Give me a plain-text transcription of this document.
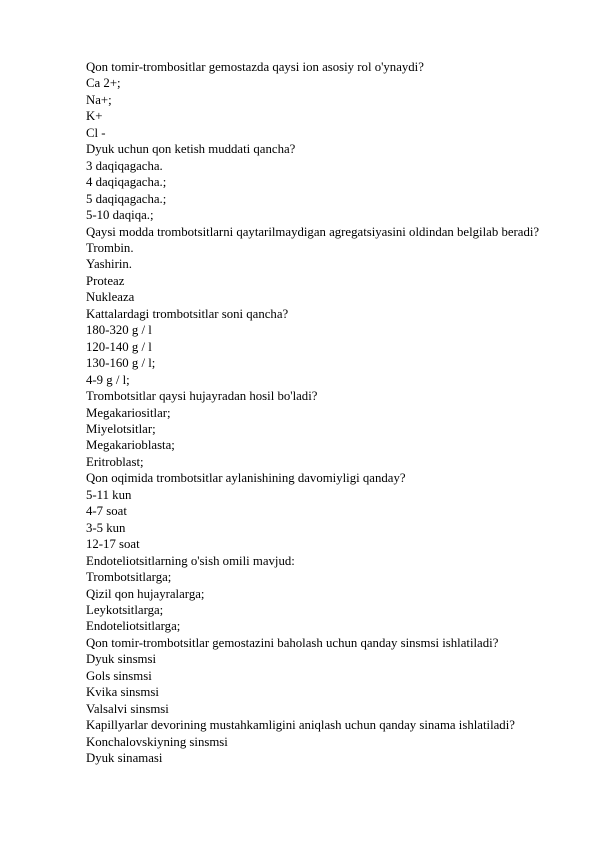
Qon tomir-trombositlar gemostazda qaysi ion asosiy rol o'ynaydi?
Ca 2+;
Na+;
K+
Cl -
Dyuk uchun qon ketish muddati qancha?
3 daqiqagacha.
4 daqiqagacha.;
5 daqiqagacha.;
5-10 daqiqa.;
Qaysi modda trombotsitlarni qaytarilmaydigan agregatsiyasini oldindan belgilab beradi?
Trombin.
Yashirin.
Proteaz
Nukleaza
Kattalardagi trombotsitlar soni qancha?
180-320 g / l
120-140 g / l
130-160 g / l;
4-9 g / l;
Trombotsitlar qaysi hujayradan hosil bo'ladi?
Megakariositlar;
Miyelotsitlar;
Megakarioblasta;
Eritroblast;
Qon oqimida trombotsitlar aylanishining davomiyligi qanday?
5-11 kun
4-7 soat
3-5 kun
12-17 soat
Endoteliotsitlarning o'sish omili mavjud:
Trombotsitlarga;
Qizil qon hujayralarga;
Leykotsitlarga;
Endoteliotsitlarga;
Qon tomir-trombotsitlar gemostazini baholash uchun qanday sinsmsi ishlatiladi?
Dyuk sinsmsi
Gols sinsmsi
Kvika sinsmsi
Valsalvi sinsmsi
Kapillyarlar devorining mustahkamligini aniqlash uchun qanday sinama ishlatiladi?
Konchalovskiyning sinsmsi
Dyuk sinamasi
